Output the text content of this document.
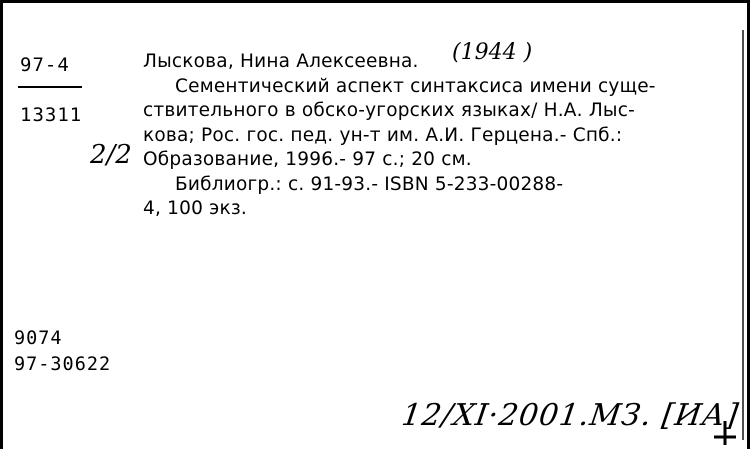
97-4
13311
(1944 )
Лыскова, Нина Алексеевна.
Сементический аспект синтаксиса имени суще-
ствительного в обско-угорских языках/ Н.А. Лыс-
кова; Рос. гос. пед. ун-т им. А.И. Герцена.- Спб.:
Образование, 1996.- 97 с.; 20 см.
Библиогр.: с. 91-93.- ISBN 5-233-00288-
4, 100 экз.
2/2
9074
97-30622
12/XI·2001.МЗ. [ИА]
